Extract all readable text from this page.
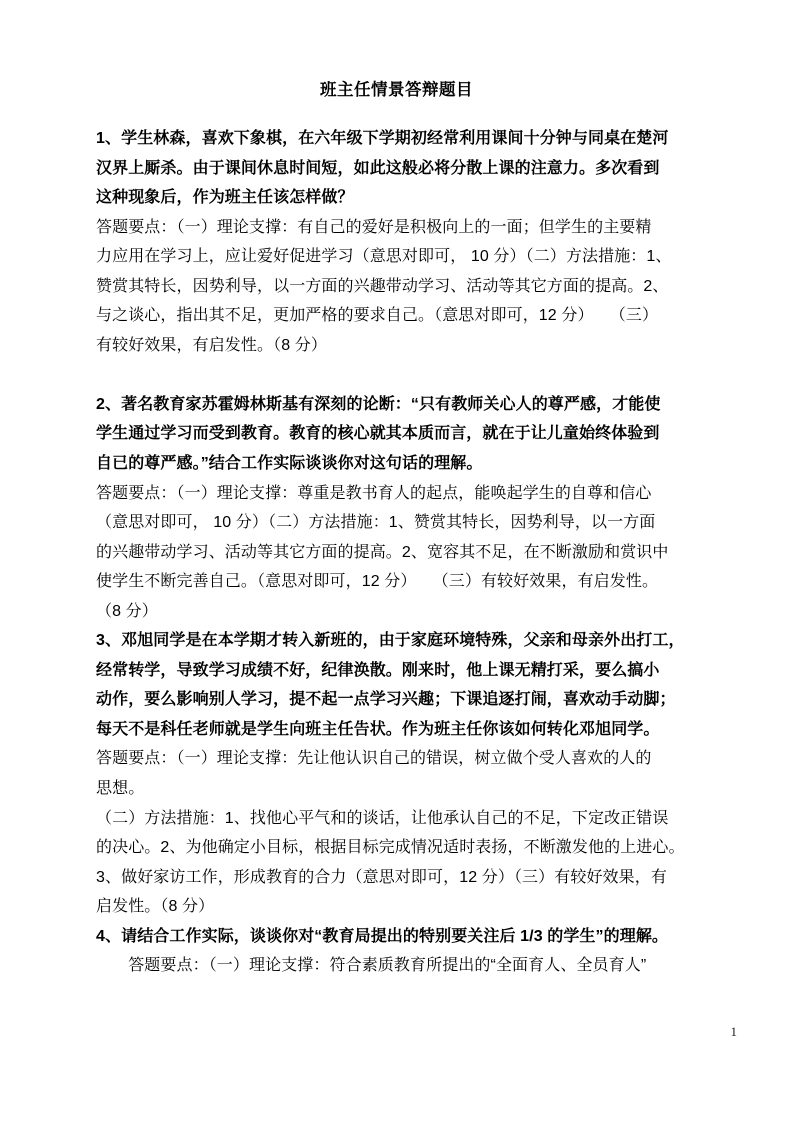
班主任情景答辩题目

1、学生林森，喜欢下象棋，在六年级下学期初经常利用课间十分钟与同桌在楚河

汉界上厮杀。由于课间休息时间短，如此这般必将分散上课的注意力。多次看到

这种现象后，作为班主任该怎样做？

答题要点：（一）理论支撑：有自己的爱好是积极向上的一面；但学生的主要精

力应用在学习上，应让爱好促进学习（意思对即可， 10 分）（二）方法措施：1、

赞赏其特长，因势利导，以一方面的兴趣带动学习、活动等其它方面的提高。2、

与之谈心，指出其不足，更加严格的要求自己。（意思对即可，12 分）　　（三）

有较好效果，有启发性。（8 分）

2、著名教育家苏霍姆林斯基有深刻的论断：“只有教师关心人的尊严感，才能使

学生通过学习而受到教育。教育的核心就其本质而言，就在于让儿童始终体验到

自已的尊严感。”结合工作实际谈谈你对这句话的理解。

答题要点：（一）理论支撑：尊重是教书育人的起点，能唤起学生的自尊和信心

（意思对即可， 10 分）（二）方法措施：1、赞赏其特长，因势利导，以一方面

的兴趣带动学习、活动等其它方面的提高。2、宽容其不足，在不断激励和赏识中

使学生不断完善自己。（意思对即可，12 分）　　（三）有较好效果，有启发性。

（8 分）

3、邓旭同学是在本学期才转入新班的，由于家庭环境特殊，父亲和母亲外出打工，

经常转学，导致学习成绩不好，纪律涣散。刚来时，他上课无精打采，要么搞小

动作，要么影响别人学习，提不起一点学习兴趣；下课追逐打闹，喜欢动手动脚；

每天不是科任老师就是学生向班主任告状。作为班主任你该如何转化邓旭同学。

答题要点：（一）理论支撑：先让他认识自己的错误，树立做个受人喜欢的人的

思想。

（二）方法措施：1、找他心平气和的谈话，让他承认自己的不足，下定改正错误

的决心。2、为他确定小目标，根据目标完成情况适时表扬，不断激发他的上进心。

3、做好家访工作，形成教育的合力（意思对即可，12 分）（三）有较好效果，有

启发性。（8 分）

4、请结合工作实际，谈谈你对“教育局提出的特别要关注后 1/3 的学生”的理解。

　　答题要点：（一）理论支撑：符合素质教育所提出的“全面育人、全员育人”

1
